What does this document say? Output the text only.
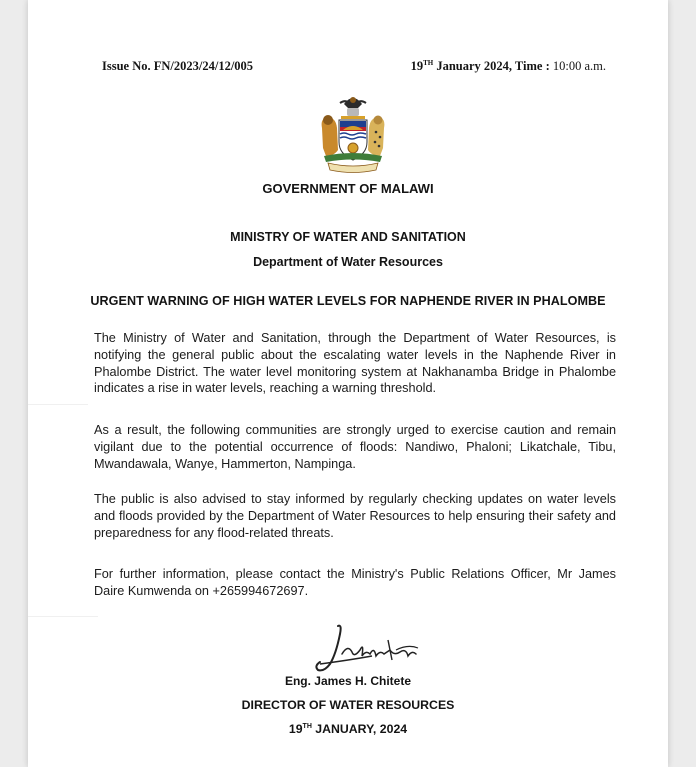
Issue No. FN/2023/24/12/005	19TH January 2024, Time : 10:00 a.m.
GOVERNMENT OF MALAWI
MINISTRY OF WATER AND SANITATION
Department of Water Resources
URGENT WARNING OF HIGH WATER LEVELS FOR NAPHENDE RIVER IN PHALOMBE
The Ministry of Water and Sanitation, through the Department of Water Resources, is notifying the general public about the escalating water levels in the Naphende River in Phalombe District. The water level monitoring system at Nakhanamba Bridge in Phalombe indicates a rise in water levels, reaching a warning threshold.
As a result, the following communities are strongly urged to exercise caution and remain vigilant due to the potential occurrence of floods: Nandiwo, Phaloni; Likatchale, Tibu, Mwandawala, Wanye, Hammerton, Nampinga.
The public is also advised to stay informed by regularly checking updates on water levels and floods provided by the Department of Water Resources to help ensuring their safety and preparedness for any flood-related threats.
For further information, please contact the Ministry's Public Relations Officer, Mr James Daire Kumwenda on +265994672697.
Eng. James H. Chitete
DIRECTOR OF WATER RESOURCES
19TH JANUARY, 2024
